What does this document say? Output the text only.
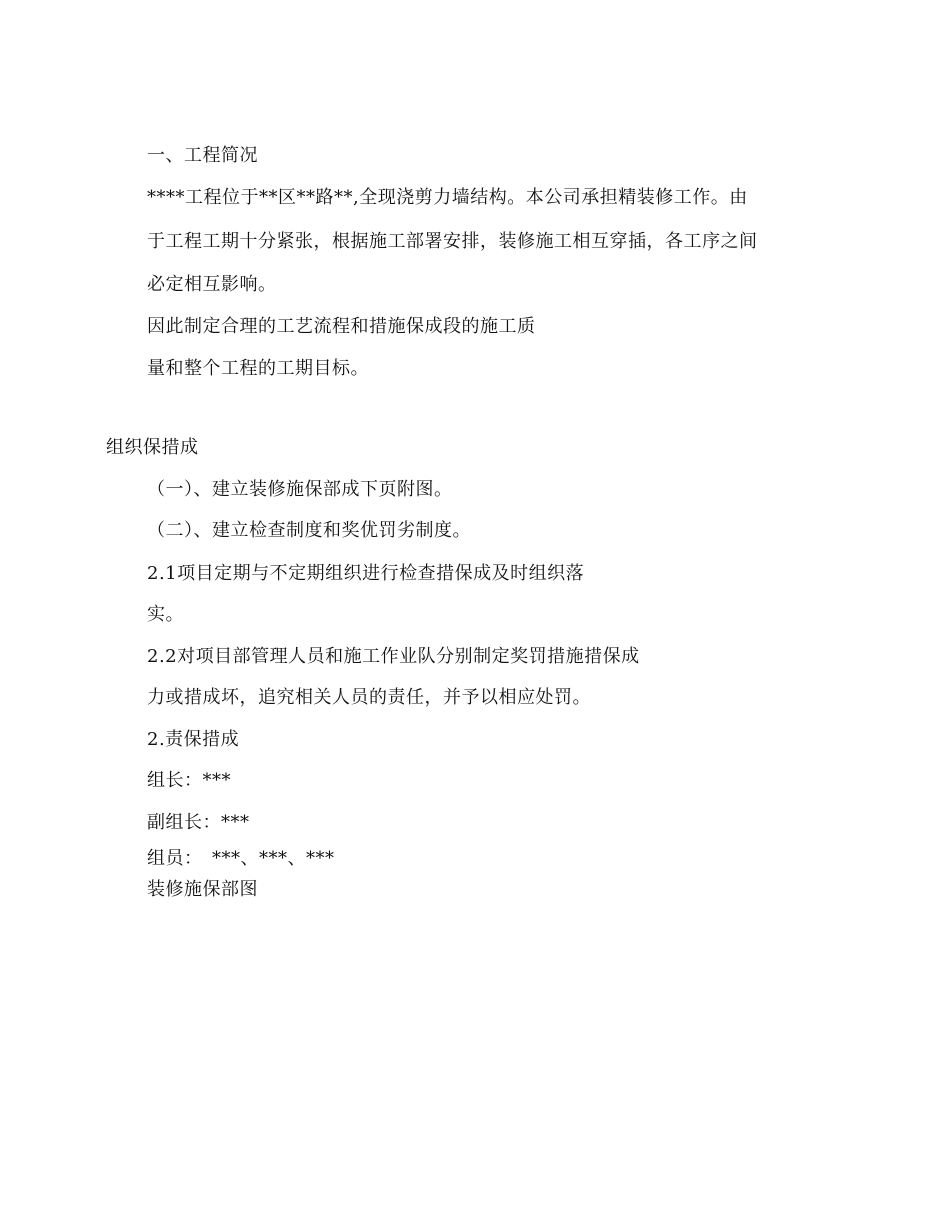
一、工程简况
****工程位于**区**路**,全现浇剪力墙结构。本公司承担精装修工作。由
于工程工期十分紧张，根据施工部署安排，装修施工相互穿插，各工序之间
必定相互影响。
因此制定合理的工艺流程和措施保成段的施工质
量和整个工程的工期目标。
组织保措成
（一）、建立装修施保部成下页附图。
（二）、建立检查制度和奖优罚劣制度。
2.1项目定期与不定期组织进行检查措保成及时组织落
实。
2.2对项目部管理人员和施工作业队分别制定奖罚措施措保成
力或措成坏，追究相关人员的责任，并予以相应处罚。
2.责保措成
组长：***
副组长：***
组员：　***、***、***
装修施保部图
